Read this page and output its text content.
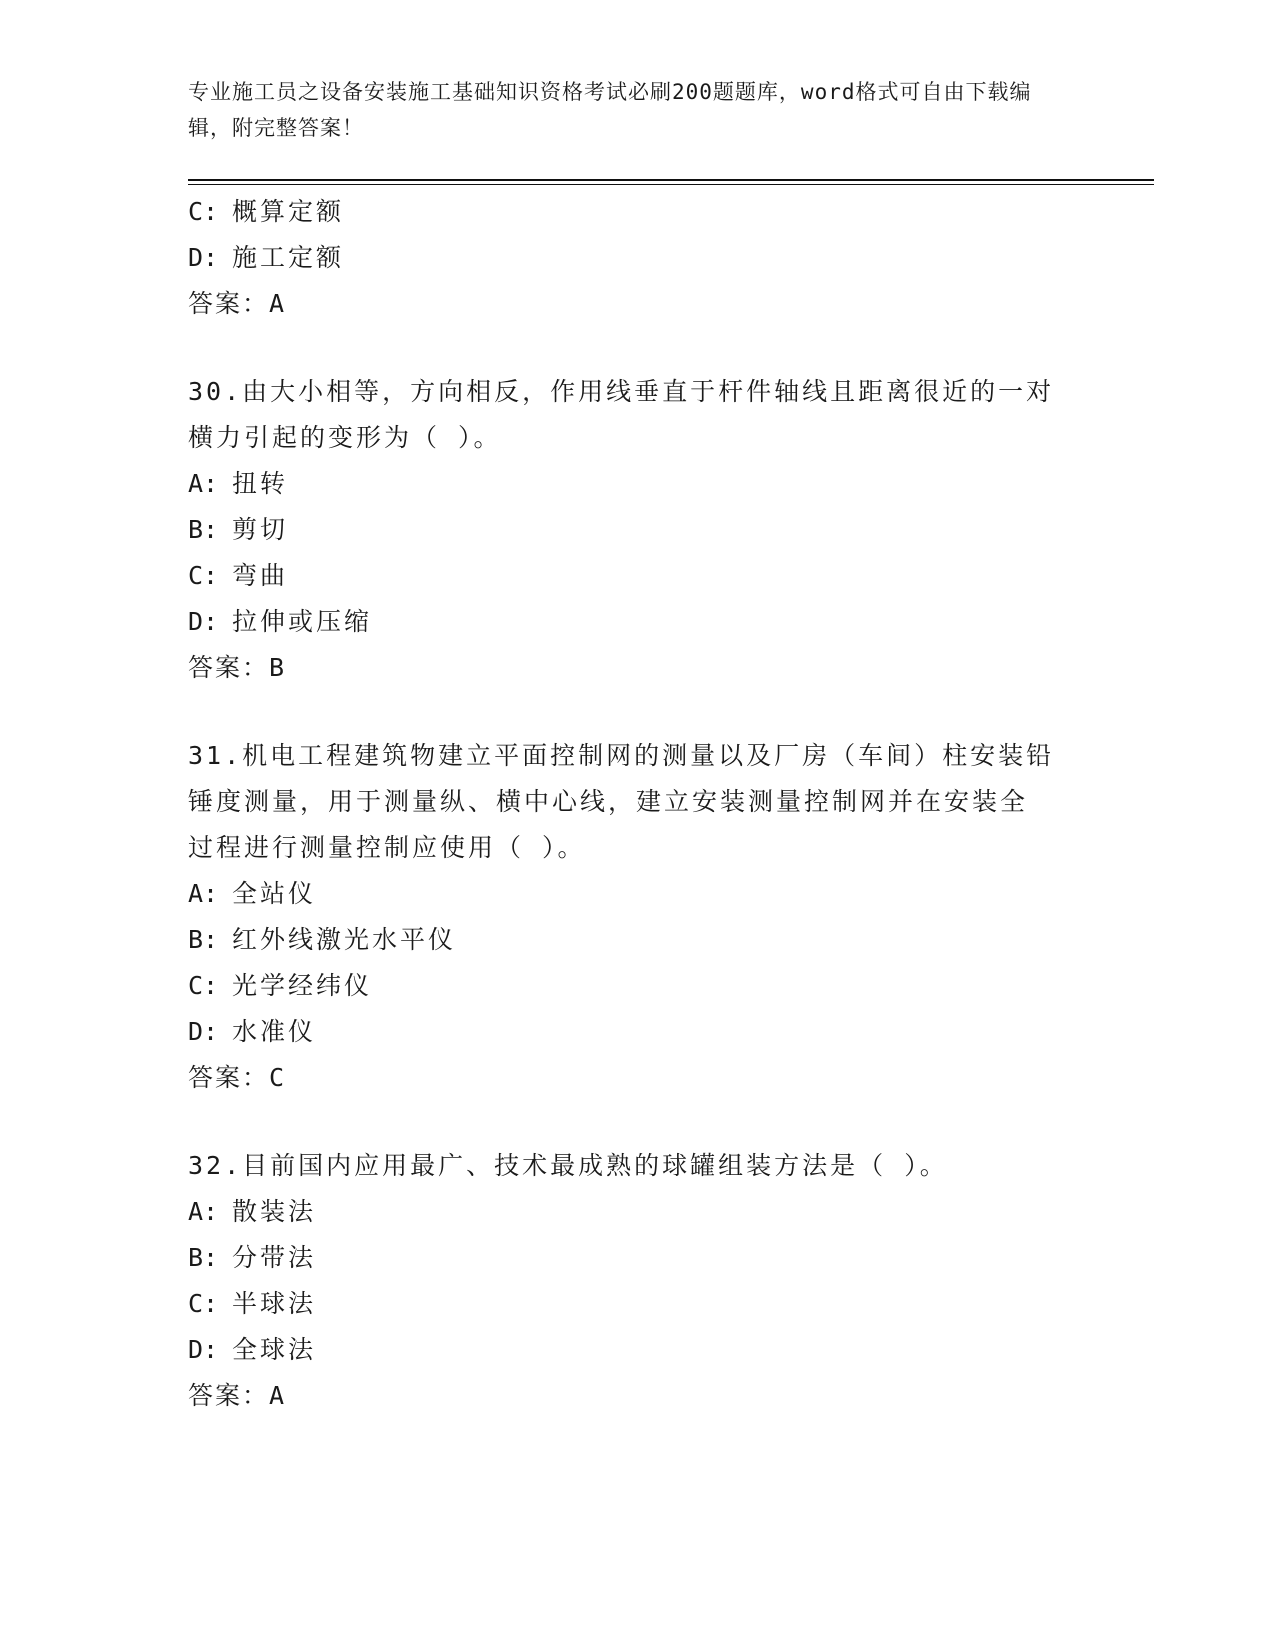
专业施工员之设备安装施工基础知识资格考试必刷200题题库，word格式可自由下载编辑，附完整答案！
C: 概算定额
D: 施工定额
答案：A
30.由大小相等，方向相反，作用线垂直于杆件轴线且距离很近的一对
横力引起的变形为（ ）。
A: 扭转
B: 剪切
C: 弯曲
D: 拉伸或压缩
答案：B
31.机电工程建筑物建立平面控制网的测量以及厂房（车间）柱安装铅
锤度测量，用于测量纵、横中心线，建立安装测量控制网并在安装全
过程进行测量控制应使用（ ）。
A: 全站仪
B: 红外线激光水平仪
C: 光学经纬仪
D: 水准仪
答案：C
32.目前国内应用最广、技术最成熟的球罐组装方法是（ ）。
A: 散装法
B: 分带法
C: 半球法
D: 全球法
答案：A
